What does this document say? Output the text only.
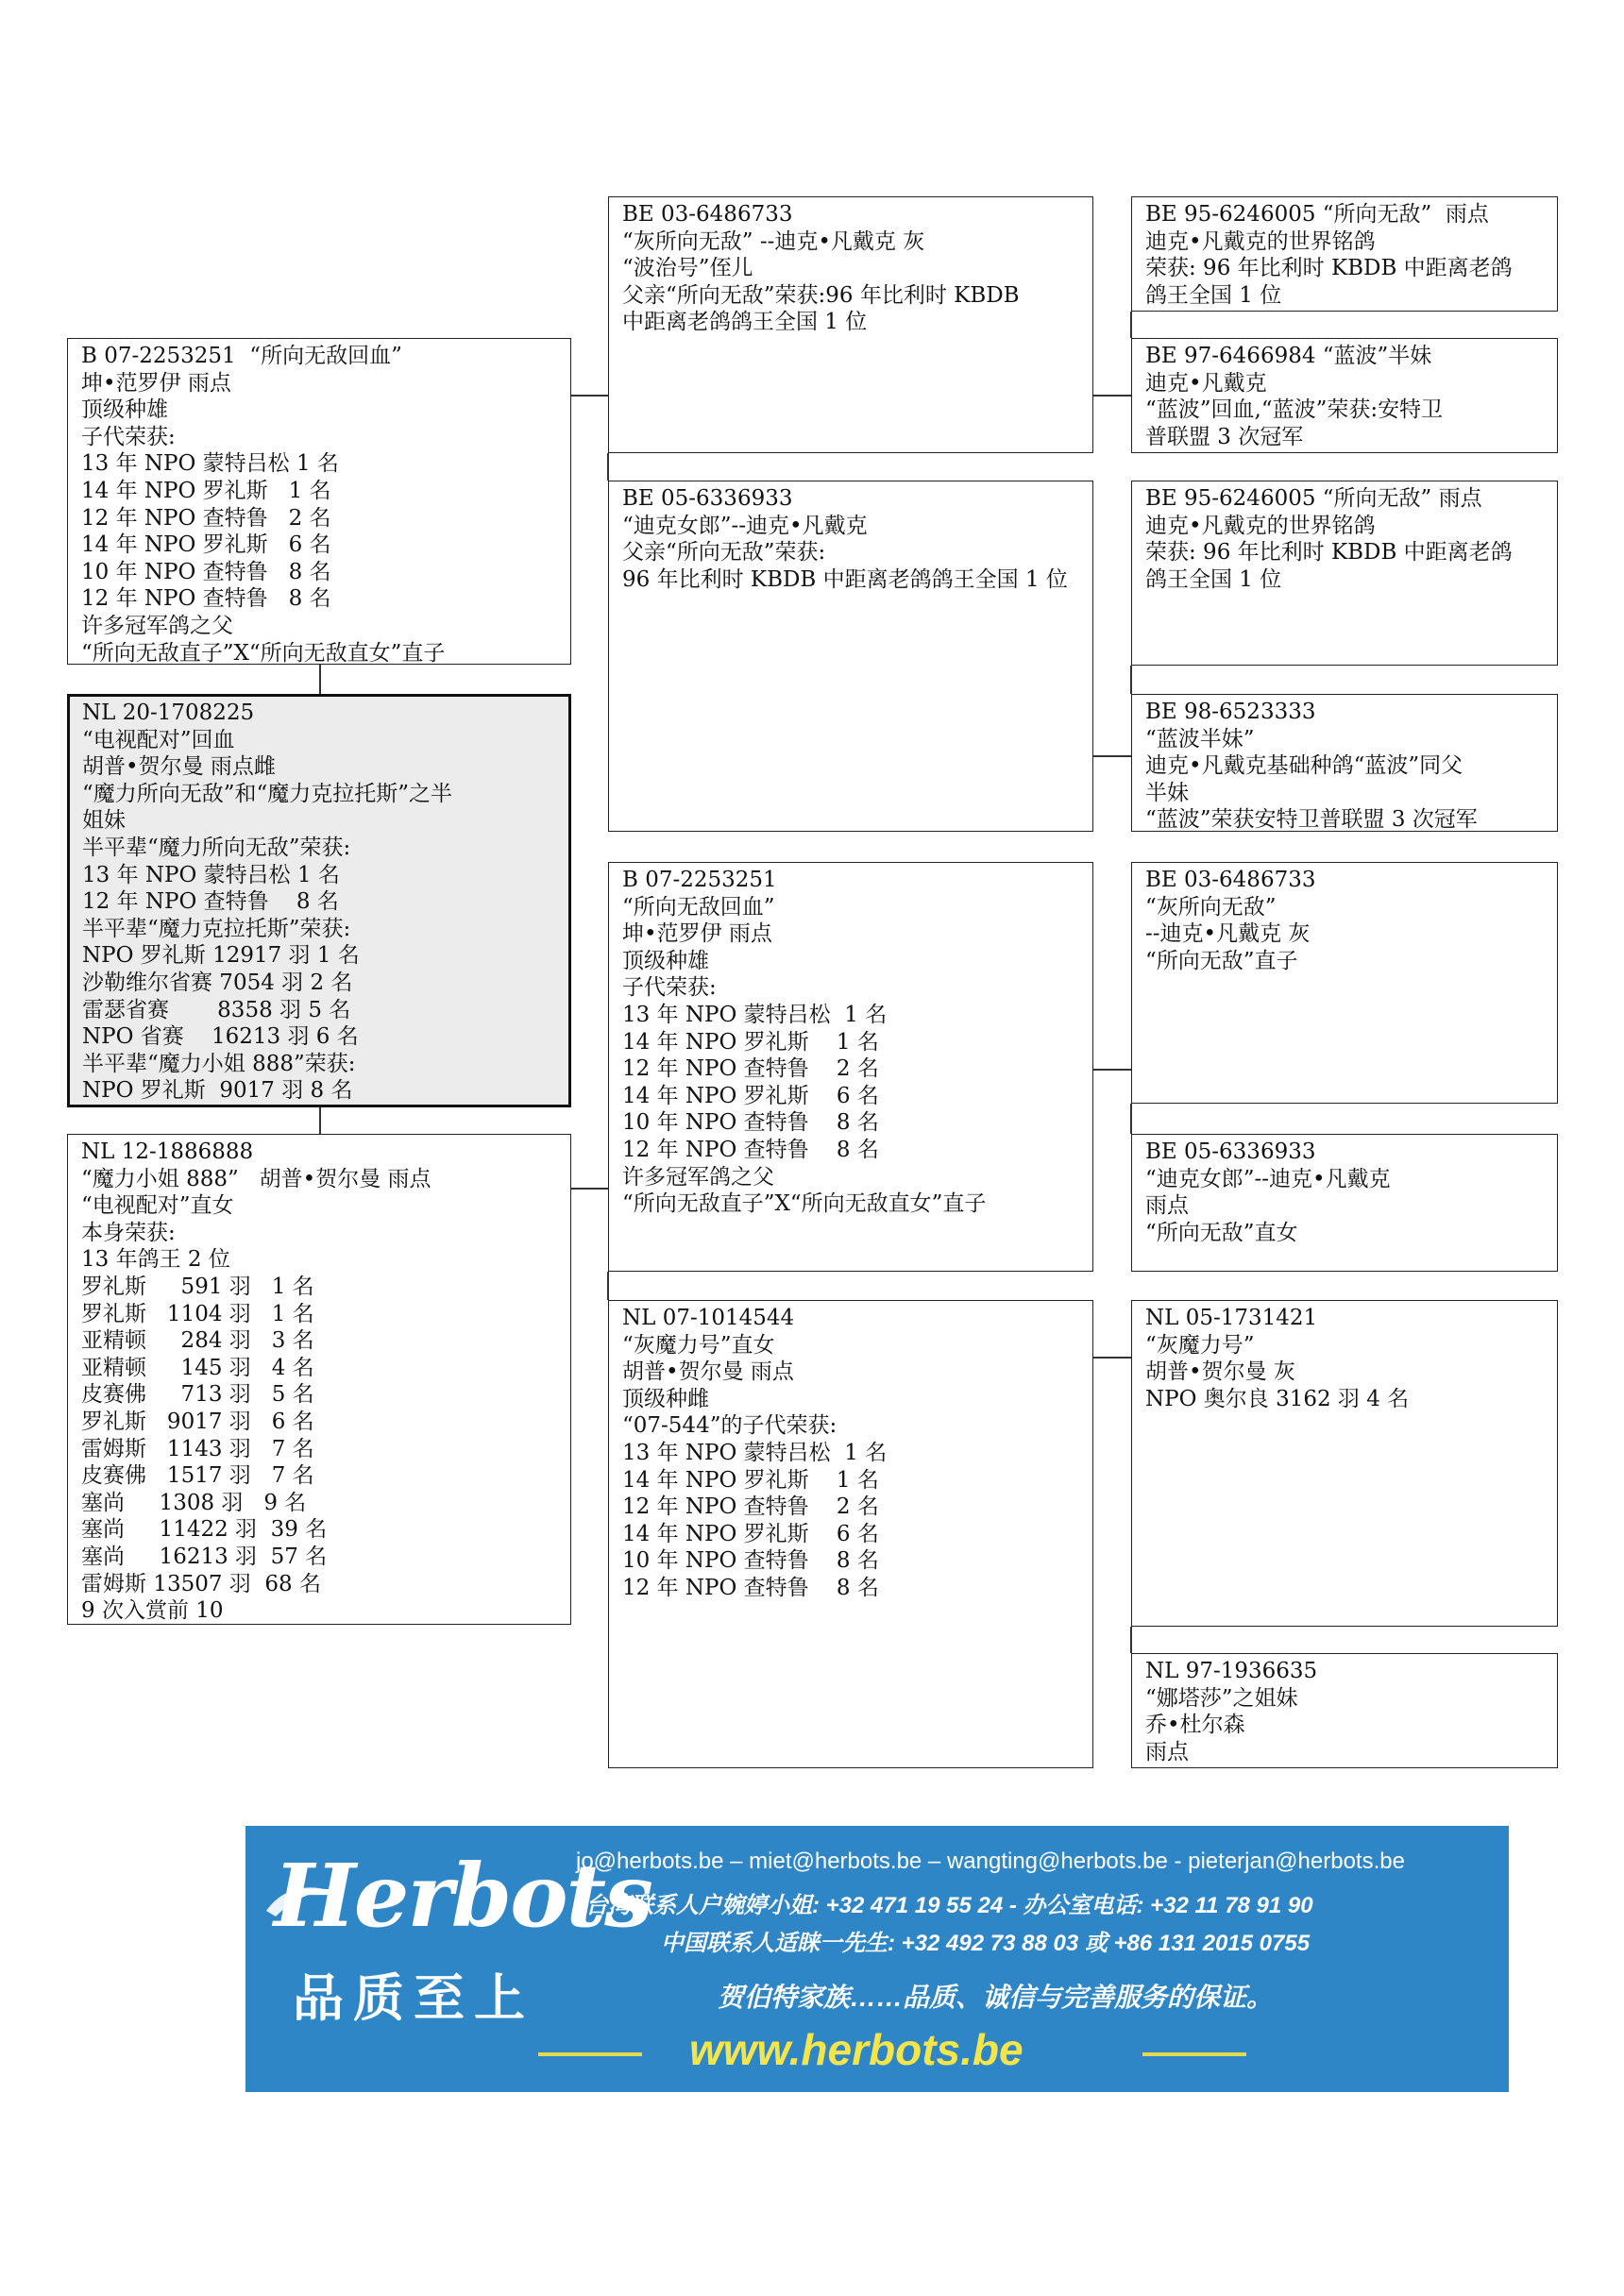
B 07-2253251  “所向无敌回血”
坤•范罗伊 雨点
顶级种雄
子代荣获:
13 年 NPO 蒙特吕松 1 名
14 年 NPO 罗礼斯   1 名
12 年 NPO 查特鲁   2 名
14 年 NPO 罗礼斯   6 名
10 年 NPO 查特鲁   8 名
12 年 NPO 查特鲁   8 名
许多冠军鸽之父
“所向无敌直子”X“所向无敌直女”直子
NL 20-1708225
“电视配对”回血
胡普•贺尔曼 雨点雌
“魔力所向无敌”和“魔力克拉托斯”之半
姐妹
半平辈“魔力所向无敌”荣获:
13 年 NPO 蒙特吕松 1 名
12 年 NPO 查特鲁    8 名
半平辈“魔力克拉托斯”荣获:
NPO 罗礼斯 12917 羽 1 名
沙勒维尔省赛 7054 羽 2 名
雷瑟省赛       8358 羽 5 名
NPO 省赛    16213 羽 6 名
半平辈“魔力小姐 888”荣获:
NPO 罗礼斯  9017 羽 8 名
NL 12-1886888
“魔力小姐 888”   胡普•贺尔曼 雨点
“电视配对”直女
本身荣获:
13 年鸽王 2 位
罗礼斯     591 羽   1 名
罗礼斯   1104 羽   1 名
亚精顿     284 羽   3 名
亚精顿     145 羽   4 名
皮赛佛     713 羽   5 名
罗礼斯   9017 羽   6 名
雷姆斯   1143 羽   7 名
皮赛佛   1517 羽   7 名
塞尚     1308 羽   9 名
塞尚     11422 羽  39 名
塞尚     16213 羽  57 名
雷姆斯 13507 羽  68 名
9 次入赏前 10
BE 03-6486733
“灰所向无敌” --迪克•凡戴克 灰
“波治号”侄儿
父亲“所向无敌”荣获:96 年比利时 KBDB
中距离老鸽鸽王全国 1 位
BE 05-6336933
“迪克女郎”--迪克•凡戴克
父亲“所向无敌”荣获:
96 年比利时 KBDB 中距离老鸽鸽王全国 1 位
B 07-2253251
“所向无敌回血”
坤•范罗伊 雨点
顶级种雄
子代荣获:
13 年 NPO 蒙特吕松  1 名
14 年 NPO 罗礼斯    1 名
12 年 NPO 查特鲁    2 名
14 年 NPO 罗礼斯    6 名
10 年 NPO 查特鲁    8 名
12 年 NPO 查特鲁    8 名
许多冠军鸽之父
“所向无敌直子”X“所向无敌直女”直子
NL 07-1014544
“灰魔力号”直女
胡普•贺尔曼 雨点
顶级种雌
“07-544”的子代荣获:
13 年 NPO 蒙特吕松  1 名
14 年 NPO 罗礼斯    1 名
12 年 NPO 查特鲁    2 名
14 年 NPO 罗礼斯    6 名
10 年 NPO 查特鲁    8 名
12 年 NPO 查特鲁    8 名
BE 95-6246005 “所向无敌”  雨点
迪克•凡戴克的世界铭鸽
荣获: 96 年比利时 KBDB 中距离老鸽
鸽王全国 1 位
BE 97-6466984 “蓝波”半妹
迪克•凡戴克
“蓝波”回血,“蓝波”荣获:安特卫
普联盟 3 次冠军
BE 95-6246005 “所向无敌” 雨点
迪克•凡戴克的世界铭鸽
荣获: 96 年比利时 KBDB 中距离老鸽
鸽王全国 1 位
BE 98-6523333
“蓝波半妹”
迪克•凡戴克基础种鸽“蓝波”同父
半妹
“蓝波”荣获安特卫普联盟 3 次冠军
BE 03-6486733
“灰所向无敌”
--迪克•凡戴克 灰
“所向无敌”直子
BE 05-6336933
“迪克女郎”--迪克•凡戴克
雨点
“所向无敌”直女
NL 05-1731421
“灰魔力号”
胡普•贺尔曼 灰
NPO 奥尔良 3162 羽 4 名
NL 97-1936635
“娜塔莎”之姐妹
乔•杜尔森
雨点
Herbots
品质至上
jo@herbots.be – miet@herbots.be – wangting@herbots.be - pieterjan@herbots.be
台湾联系人户婉婷小姐: +32 471 19 55 24 - 办公室电话: +32 11 78 91 90
中国联系人适睐一先生: +32 492 73 88 03 或 +86 131 2015 0755
贺伯特家族……品质、诚信与完善服务的保证。
www.herbots.be
